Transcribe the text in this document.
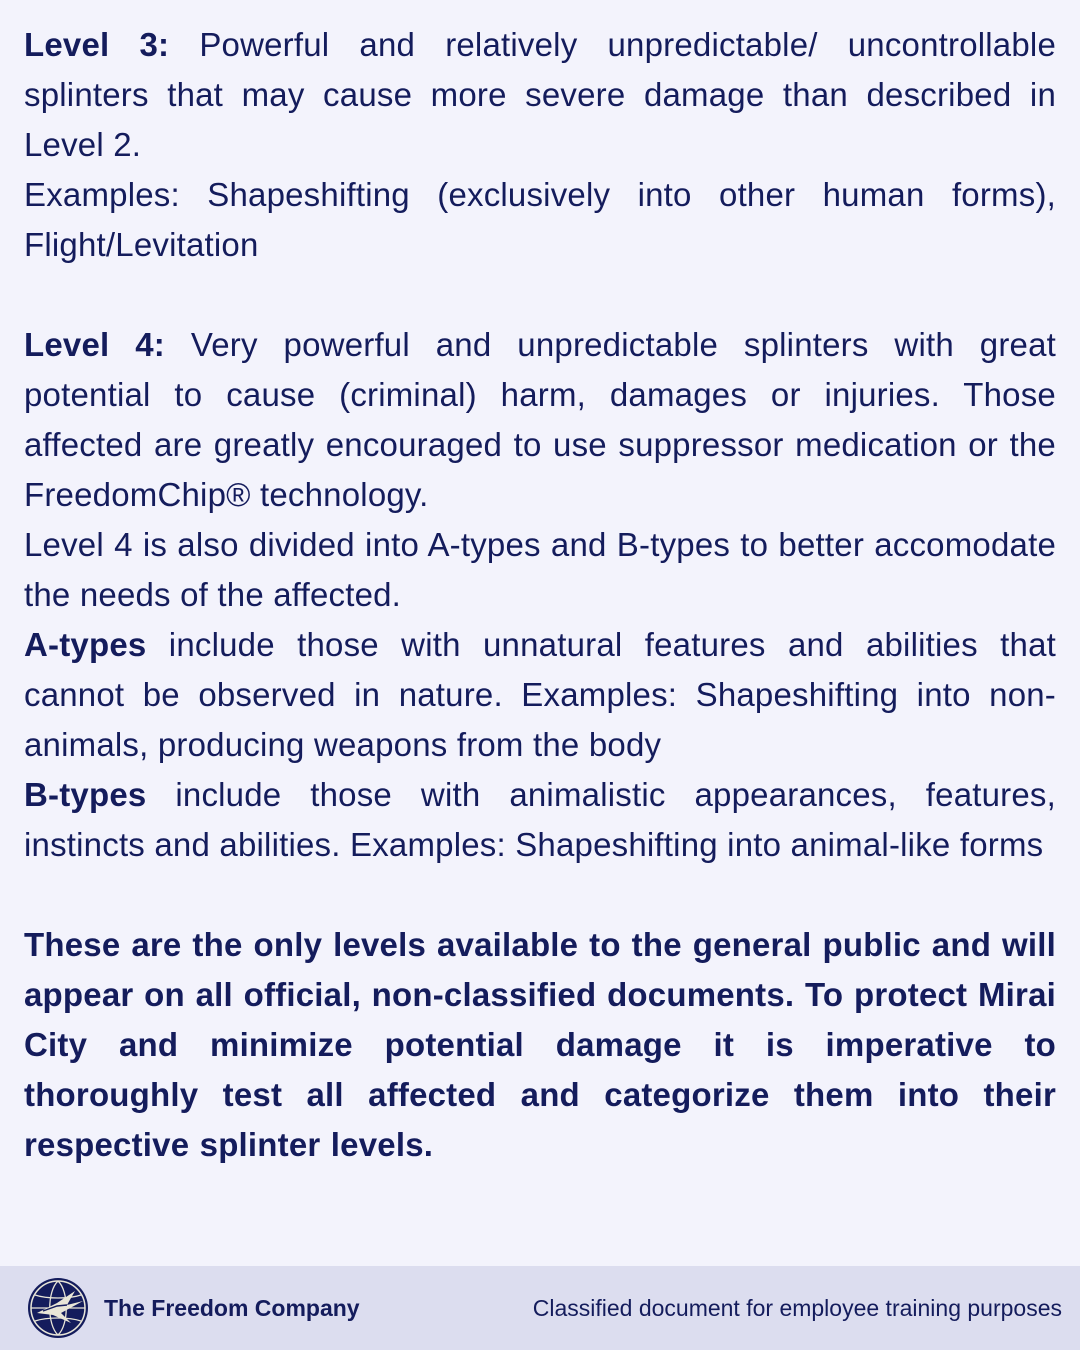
Level 3: Powerful and relatively unpredictable/ uncontrollable splinters that may cause more severe damage than described in Level 2.

Examples: Shapeshifting (exclusively into other human forms), Flight/Levitation

Level 4: Very powerful and unpredictable splinters with great potential to cause (criminal) harm, damages or injuries. Those affected are greatly encouraged to use suppressor medication or the FreedomChip® technology.

Level 4 is also divided into A-types and B-types to better accomodate the needs of the affected.

A-types include those with unnatural features and abilities that cannot be observed in nature. Examples: Shapeshifting into non-animals, producing weapons from the body

B-types include those with animalistic appearances, features, instincts and abilities. Examples: Shapeshifting into animal-like forms

These are the only levels available to the general public and will appear on all official, non-classified documents. To protect Mirai City and minimize potential damage it is imperative to thoroughly test all affected and categorize them into their respective splinter levels.

The Freedom Company	Classified document for employee training purposes
